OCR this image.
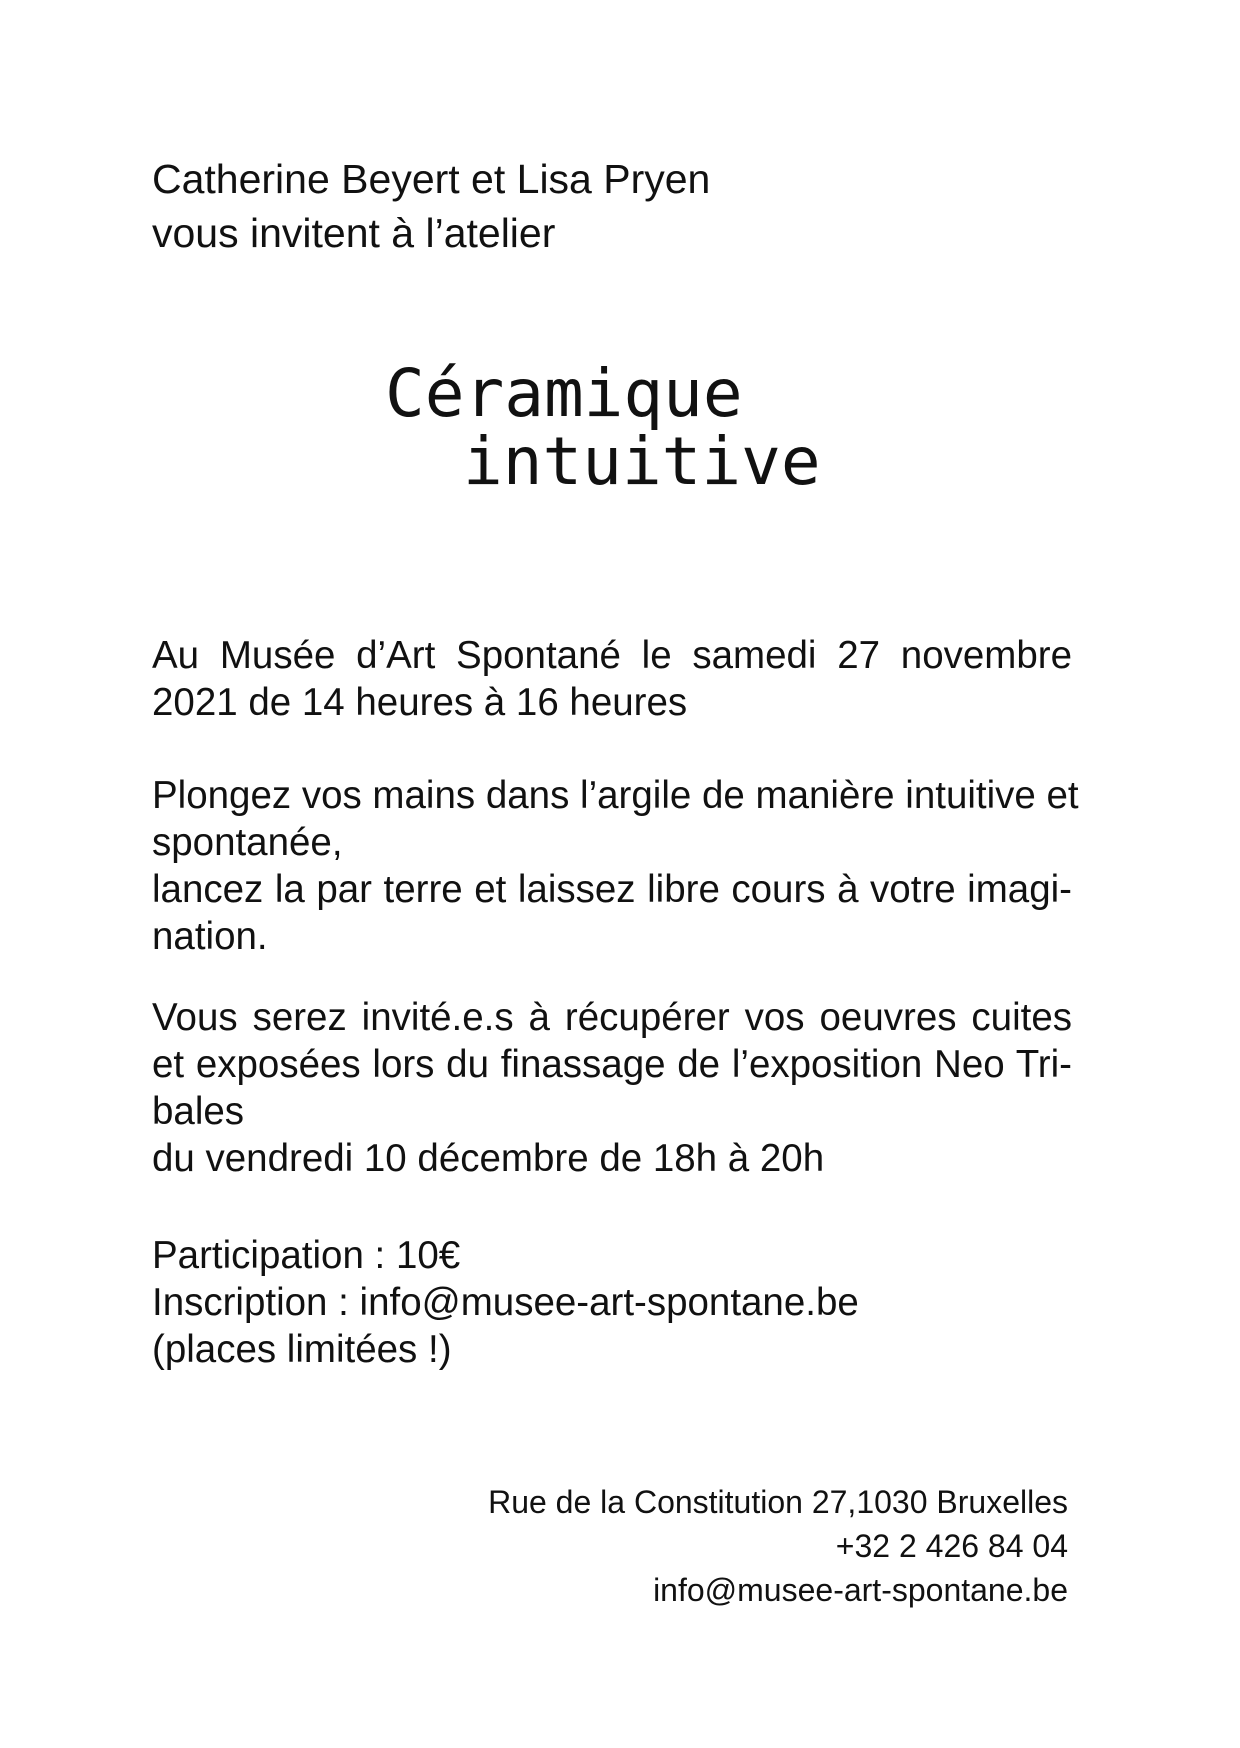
Catherine Beyert et Lisa Pryen
vous invitent à l’atelier
Céramique
intuitive
Au Musée d’Art Spontané le samedi 27 novembre
2021 de 14 heures à 16 heures
Plongez vos mains dans l’argile de manière intuitive et
spontanée,
lancez la par terre et laissez libre cours à votre imagi-
nation.
Vous serez invité.e.s à récupérer vos oeuvres cuites
et exposées lors du finassage de l’exposition Neo Tri-
bales
du vendredi 10 décembre de 18h à 20h
Participation : 10€
Inscription : info@musee-art-spontane.be
(places limitées !)
Rue de la Constitution 27,1030 Bruxelles
+32 2 426 84 04
info@musee-art-spontane.be
